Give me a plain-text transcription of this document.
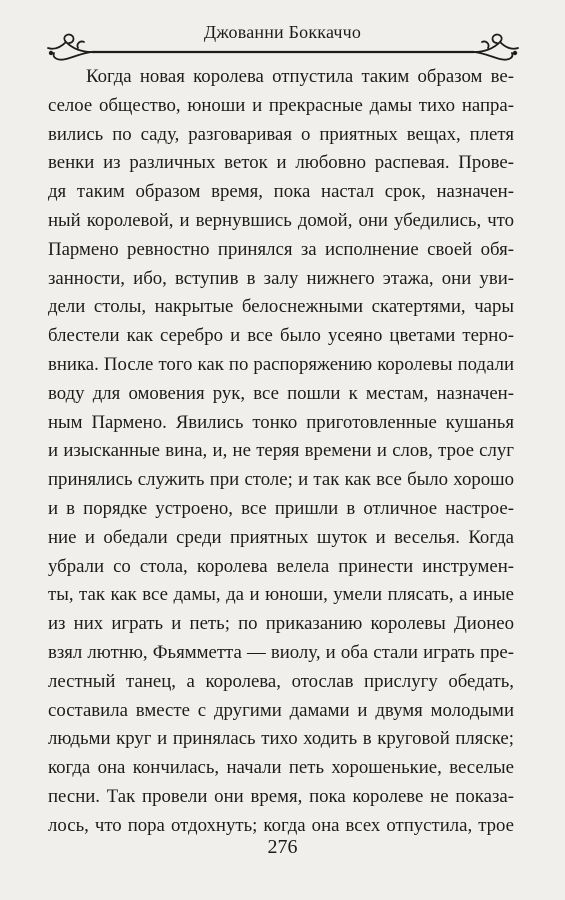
Джованни Боккаччо

Когда новая королева отпустила таким образом ве-
селое общество, юноши и прекрасные дамы тихо напра-
вились по саду, разговаривая о приятных вещах, плетя
венки из различных веток и любовно распевая. Прове-
дя таким образом время, пока настал срок, назначен-
ный королевой, и вернувшись домой, они убедились, что
Пармено ревностно принялся за исполнение своей обя-
занности, ибо, вступив в залу нижнего этажа, они уви-
дели столы, накрытые белоснежными скатертями, чары
блестели как серебро и все было усеяно цветами терно-
вника. После того как по распоряжению королевы подали
воду для омовения рук, все пошли к местам, назначен-
ным Пармено. Явились тонко приготовленные кушанья
и изысканные вина, и, не теряя времени и слов, трое слуг
принялись служить при столе; и так как все было хорошо
и в порядке устроено, все пришли в отличное настрое-
ние и обедали среди приятных шуток и веселья. Когда
убрали со стола, королева велела принести инструмен-
ты, так как все дамы, да и юноши, умели плясать, а иные
из них играть и петь; по приказанию королевы Дионео
взял лютню, Фьямметта — виолу, и оба стали играть пре-
лестный танец, а королева, отослав прислугу обедать,
составила вместе с другими дамами и двумя молодыми
людьми круг и принялась тихо ходить в круговой пляске;
когда она кончилась, начали петь хорошенькие, веселые
песни. Так провели они время, пока королеве не показа-
лось, что пора отдохнуть; когда она всех отпустила, трое

276
